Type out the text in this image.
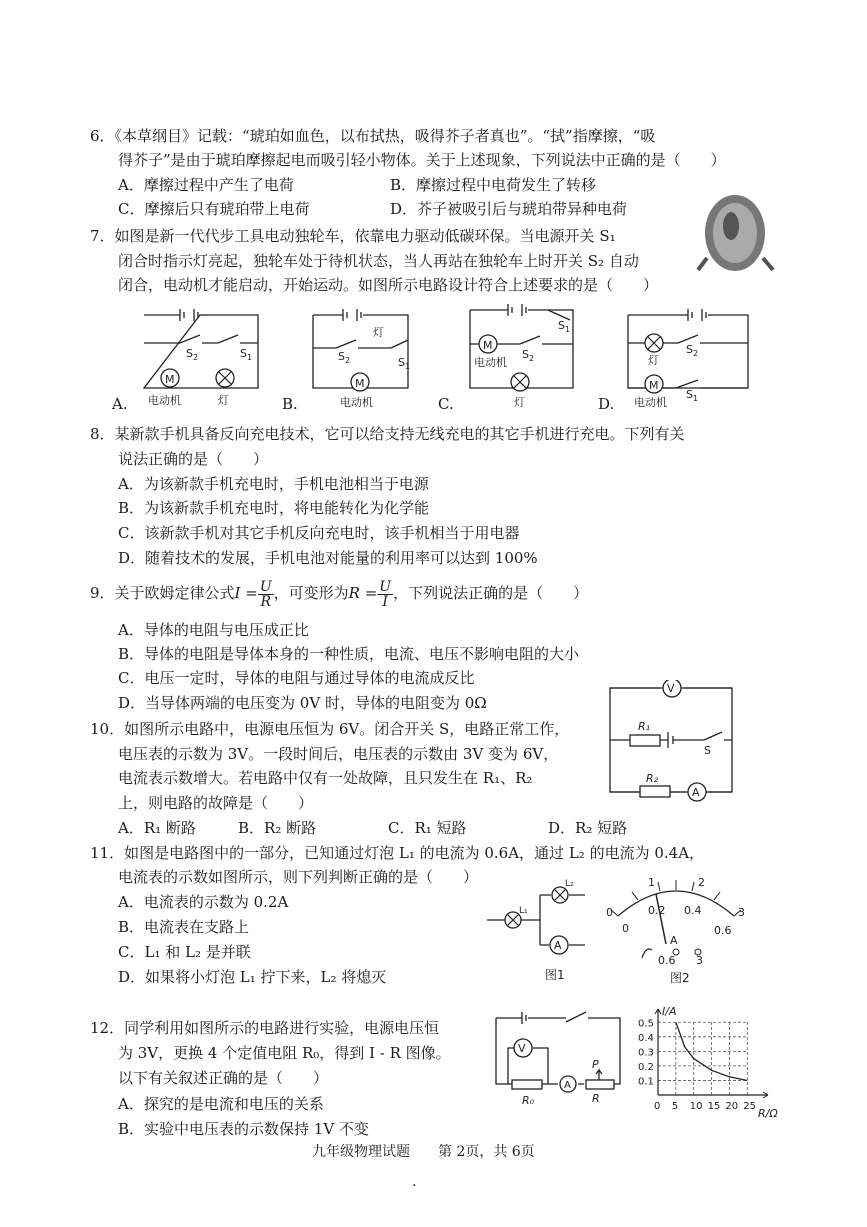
6．《本草纲目》记载：“琥珀如血色，以布拭热，吸得芥子者真也”。“拭”指摩擦，“吸
得芥子”是由于琥珀摩擦起电而吸引轻小物体。关于上述现象，下列说法中正确的是（　　）
A．摩擦过程中产生了电荷	B．摩擦过程中电荷发生了转移
C．摩擦后只有琥珀带上电荷	D．芥子被吸引后与琥珀带异种电荷
7．如图是新一代代步工具电动独轮车，依靠电力驱动低碳环保。当电源开关 S₁
闭合时指示灯亮起，独轮车处于待机状态，当人再站在独轮车上时开关 S₂ 自动
闭合，电动机才能启动，开始运动。如图所示电路设计符合上述要求的是（　　）
M	M
M
M
电动机	灯	电动机
灯
电动机
灯
灯
电动机
$S_2$	$S_1$	$S_2$	$S_1$
$S_2$
$S_1$
$S_2$
$S_1$
A.	B.	C.	D.
8．某新款手机具备反向充电技术，它可以给支持无线充电的其它手机进行充电。下列有关
说法正确的是（　　）
A．为该新款手机充电时，手机电池相当于电源
B．为该新款手机充电时，将电能转化为化学能
C．该新款手机对其它手机反向充电时，该手机相当于用电器
D．随着技术的发展，手机电池对能量的利用率可以达到 100%
9．关于欧姆定律公式$I = \frac{U}{R}$ ，可变形为$R = \frac{U}{I}$ ，下列说法正确的是（　　）
A．导体的电阻与电压成正比
B．导体的电阻是导体本身的一种性质，电流、电压不影响电阻的大小
C．电压一定时，导体的电阻与通过导体的电流成反比
D．当导体两端的电压变为 0V 时，导体的电阻变为 0Ω
V
A
R₁
R₂
S
10．如图所示电路中，电源电压恒为 6V。闭合开关 S，电路正常工作，
电压表的示数为 3V。一段时间后，电压表的示数由 3V 变为 6V，
电流表示数增大。若电路中仅有一处故障，且只发生在 R₁、R₂
上，则电路的故障是（　　）
A．R₁ 断路	B．R₂ 断路	C．R₁ 短路	D．R₂ 短路
11．如图是电路图中的一部分，已知通过灯泡 L₁ 的电流为 0.6A，通过 L₂ 的电流为 0.4A，
电流表的示数如图所示，则下列判断正确的是（　　）
A．电流表的示数为 0.2A
B．电流表在支路上
C．L₁ 和 L₂ 是并联
D．如果将小灯泡 L₁ 拧下来，L₂ 将熄灭
A
L₁
L₂
图1
0
1	2
3
0
0.2 0.4
0.6
A
0.6 3
图2
12．同学利用如图所示的电路进行实验，电源电压恒
为 3V，更换 4 个定值电阻 R₀，得到 I - R 图像。
以下有关叙述正确的是（　　）
A．探究的是电流和电压的关系
B．实验中电压表的示数保持 1V 不变
V
A
R₀	R
P
0.1
0.2
0.3
0.4
0.5
0 5 10 15 20 25
I/A
R/Ω
九年级物理试题　　第 2页，共 6页
.
